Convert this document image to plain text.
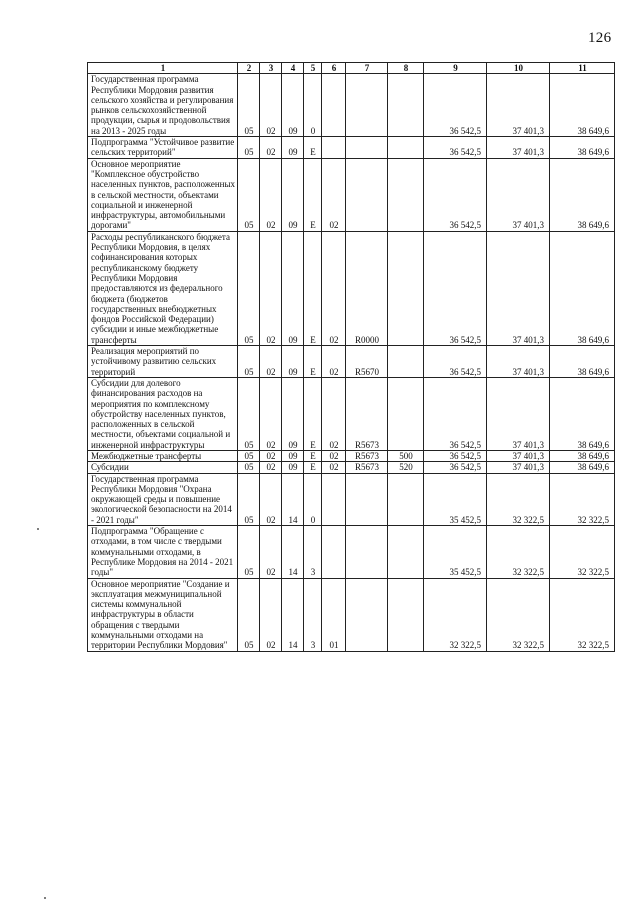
126
1	2	3	4	5	6	7	8	9	10	11
Государственная программа Республики Мордовия развития сельского хозяйства и регулирования рынков сельскохозяйственной продукции, сырья и продовольствия на 2013 - 2025 годы	05	02	09	0				36 542,5	37 401,3	38 649,6
Подпрограмма "Устойчивое развитие сельских территорий"	05	02	09	Е				36 542,5	37 401,3	38 649,6
Основное мероприятие "Комплексное обустройство населенных пунктов, расположенных в сельской местности, объектами социальной и инженерной инфраструктуры, автомобильными дорогами"	05	02	09	Е	02			36 542,5	37 401,3	38 649,6
Расходы республиканского бюджета Республики Мордовия, в целях софинансирования которых республиканскому бюджету Республики Мордовия предоставляются из федерального бюджета (бюджетов государственных внебюджетных фондов Российской Федерации) субсидии и иные межбюджетные трансферты	05	02	09	Е	02	R0000		36 542,5	37 401,3	38 649,6
Реализация мероприятий по устойчивому развитию сельских территорий	05	02	09	Е	02	R5670		36 542,5	37 401,3	38 649,6
Субсидии для долевого финансирования расходов на мероприятия по комплексному обустройству населенных пунктов, расположенных в сельской местности, объектами социальной и инженерной инфраструктуры	05	02	09	Е	02	R5673		36 542,5	37 401,3	38 649,6
Межбюджетные трансферты	05	02	09	Е	02	R5673	500	36 542,5	37 401,3	38 649,6
Субсидии	05	02	09	Е	02	R5673	520	36 542,5	37 401,3	38 649,6
Государственная программа Республики Мордовия "Охрана окружающей среды и повышение экологической безопасности на 2014 - 2021 годы"	05	02	14	0				35 452,5	32 322,5	32 322,5
Подпрограмма "Обращение с отходами, в том числе с твердыми коммунальными отходами, в Республике Мордовия на 2014 - 2021 годы"	05	02	14	3				35 452,5	32 322,5	32 322,5
Основное мероприятие "Создание и эксплуатация межмуниципальной системы коммунальной инфраструктуры в области обращения с твердыми коммунальными отходами на территории Республики Мордовия"	05	02	14	3	01			32 322,5	32 322,5	32 322,5
